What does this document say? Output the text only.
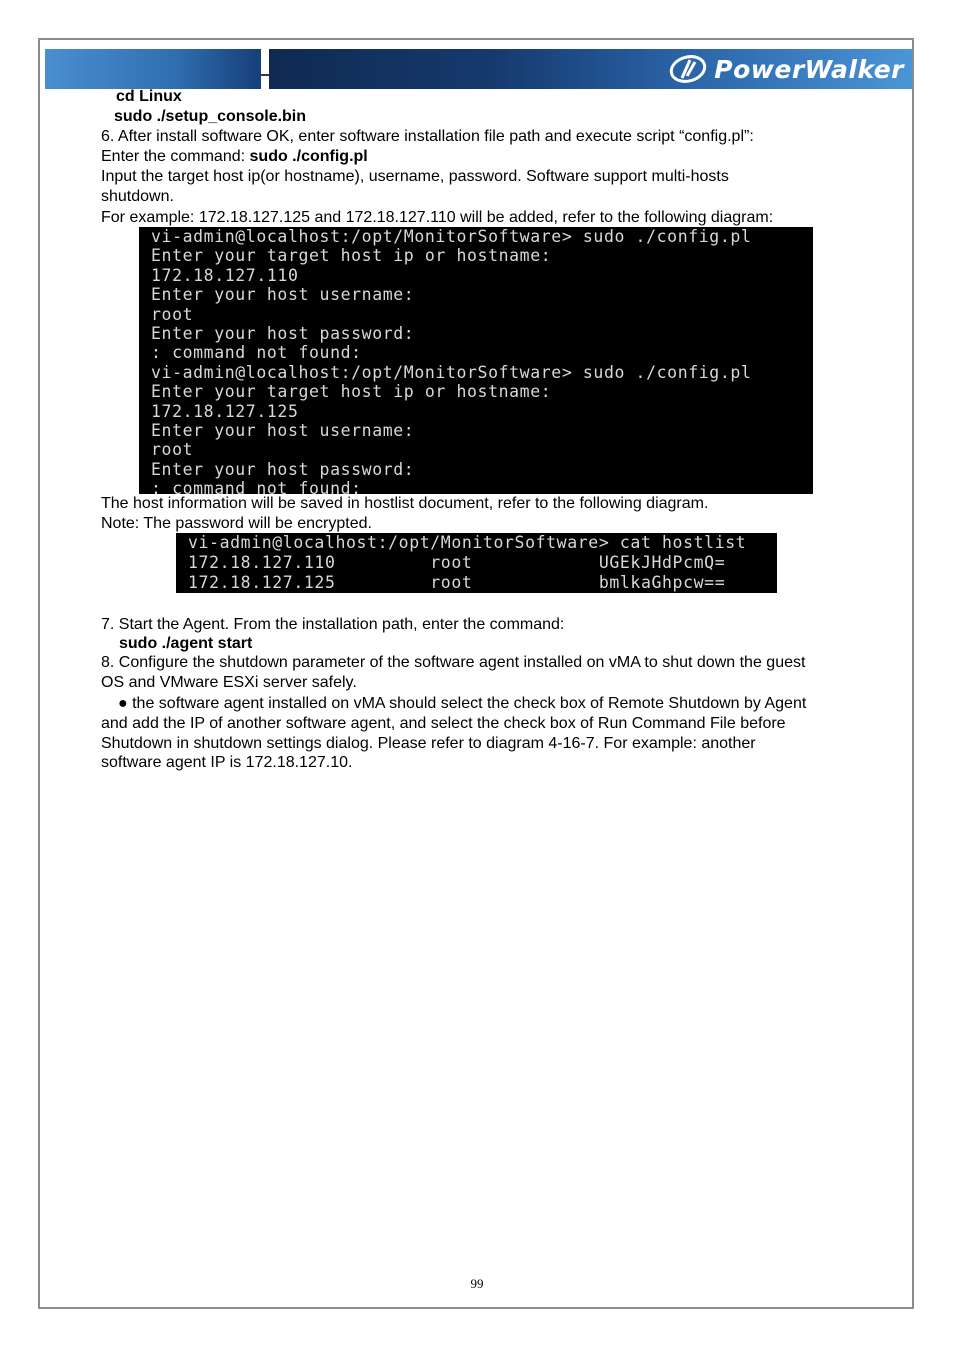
PowerWalker
cd Linux
sudo ./setup_console.bin
6. After install software OK, enter software installation file path and execute script “config.pl”:
Enter the command: sudo ./config.pl
Input the target host ip(or hostname), username, password. Software support multi-hosts
shutdown.
For example: 172.18.127.125 and 172.18.127.110 will be added, refer to the following diagram:
vi-admin@localhost:/opt/MonitorSoftware> sudo ./config.pl
Enter your target host ip or hostname:
172.18.127.110
Enter your host username:
root
Enter your host password:
: command not found:
vi-admin@localhost:/opt/MonitorSoftware> sudo ./config.pl
Enter your target host ip or hostname:
172.18.127.125
Enter your host username:
root
Enter your host password:
: command not found:
The host information will be saved in hostlist document, refer to the following diagram.
Note: The password will be encrypted.
vi-admin@localhost:/opt/MonitorSoftware> cat hostlist
172.18.127.110         root            UGEkJHdPcmQ=
172.18.127.125         root            bmlkaGhpcw==
7. Start the Agent. From the installation path, enter the command:
sudo ./agent start
8. Configure the shutdown parameter of the software agent installed on vMA to shut down the guest
OS and VMware ESXi server safely.
● the software agent installed on vMA should select the check box of Remote Shutdown by Agent
and add the IP of another software agent, and select the check box of Run Command File before
Shutdown in shutdown settings dialog. Please refer to diagram 4-16-7. For example: another
software agent IP is 172.18.127.10.
99
